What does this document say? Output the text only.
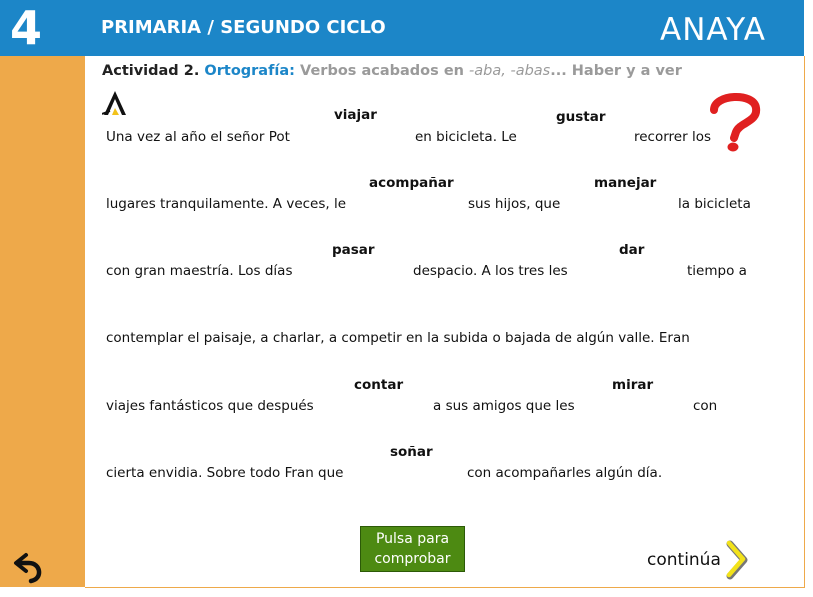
4	PRIMARIA / SEGUNDO CICLO	ANAYA
Actividad 2. Ortografía: Verbos acabados en -aba, -abas... Haber y a ver
viajar	gustar
Una vez al año el señor Pot	en bicicleta. Le	recorrer los
acompañar	manejar
lugares tranquilamente. A veces, le	sus hijos, que	la bicicleta
pasar	dar
con gran maestría. Los días	despacio. A los tres les	tiempo a
contemplar el paisaje, a charlar, a competir en la subida o bajada de algún valle. Eran
contar	mirar
viajes fantásticos que después	a sus amigos que les	con
soñar
cierta envidia. Sobre todo Fran que	con acompañarles algún día.
Pulsa para comprobar	continúa
